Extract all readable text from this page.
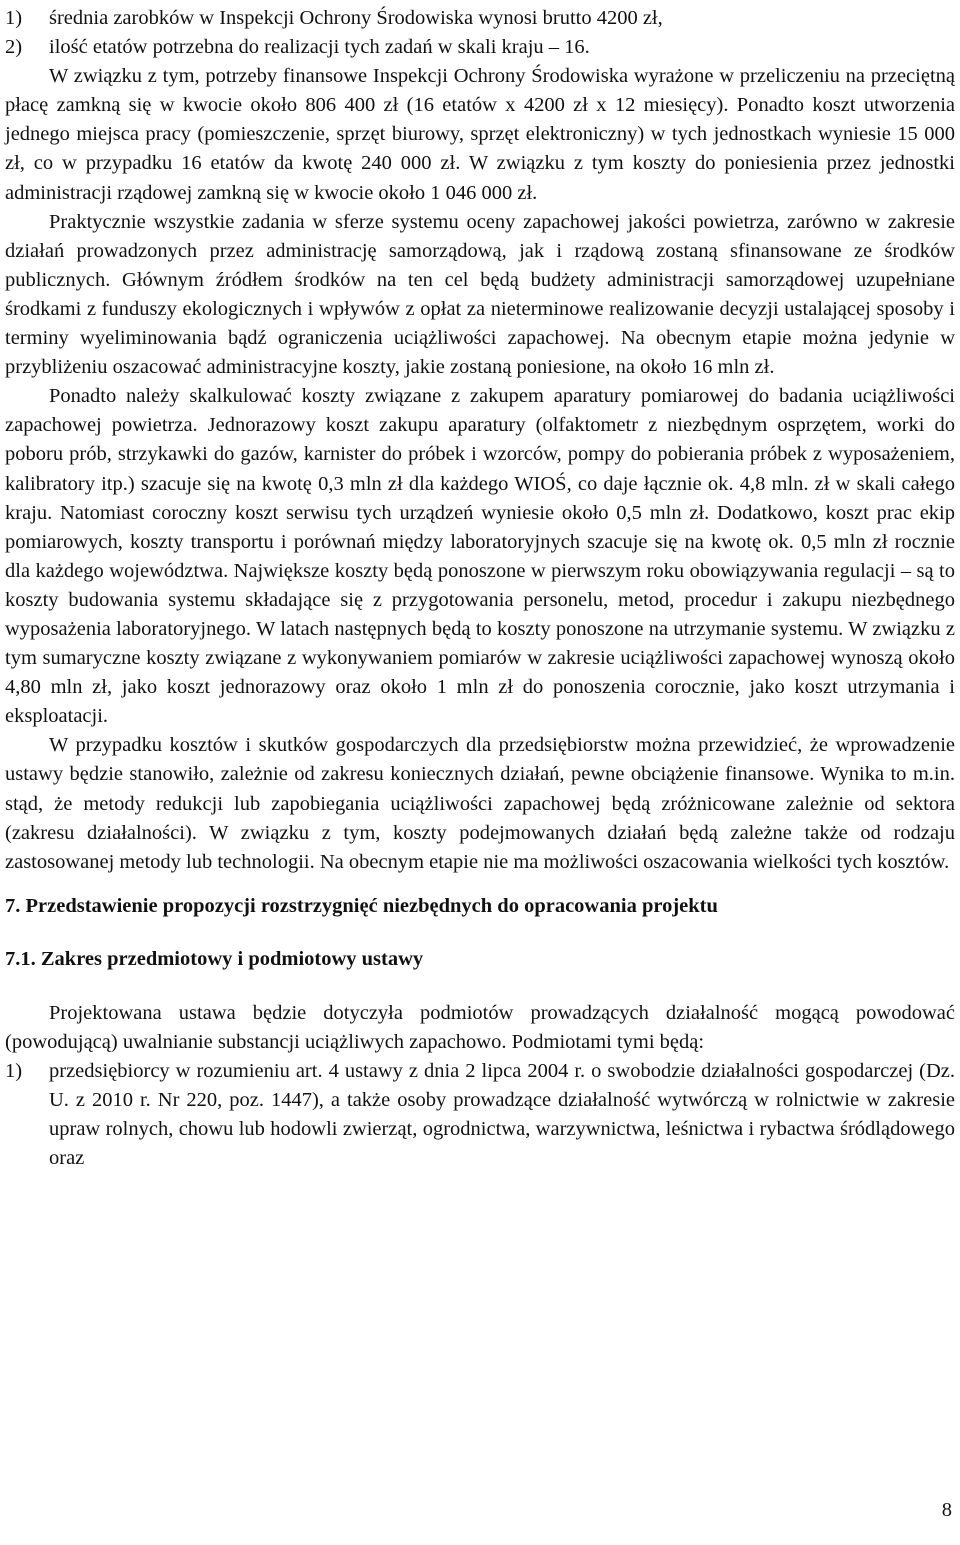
1)	średnia zarobków w Inspekcji Ochrony Środowiska wynosi brutto 4200 zł,
2)	ilość etatów potrzebna do realizacji tych zadań w skali kraju – 16.

W związku z tym, potrzeby finansowe Inspekcji Ochrony Środowiska wyrażone w przeliczeniu na przeciętną płacę zamkną się w kwocie około 806 400 zł (16 etatów x 4200 zł x 12 miesięcy). Ponadto koszt utworzenia jednego miejsca pracy (pomieszczenie, sprzęt biurowy, sprzęt elektroniczny) w tych jednostkach wyniesie 15 000 zł, co w przypadku 16 etatów da kwotę 240 000 zł. W związku z tym koszty do poniesienia przez jednostki administracji rządowej zamkną się w kwocie około 1 046 000 zł.

Praktycznie wszystkie zadania w sferze systemu oceny zapachowej jakości powietrza, zarówno w zakresie działań prowadzonych przez administrację samorządową, jak i rządową zostaną sfinansowane ze środków publicznych. Głównym źródłem środków na ten cel będą budżety administracji samorządowej uzupełniane środkami z funduszy ekologicznych i wpływów z opłat za nieterminowe realizowanie decyzji ustalającej sposoby i terminy wyeliminowania bądź ograniczenia uciążliwości zapachowej. Na obecnym etapie można jedynie w przybliżeniu oszacować administracyjne koszty, jakie zostaną poniesione, na około 16 mln zł.

Ponadto należy skalkulować koszty związane z zakupem aparatury pomiarowej do badania uciążliwości zapachowej powietrza. Jednorazowy koszt zakupu aparatury (olfaktometr z niezbędnym osprzętem, worki do poboru prób, strzykawki do gazów, karnister do próbek i wzorców, pompy do pobierania próbek z wyposażeniem, kalibratory itp.) szacuje się na kwotę 0,3 mln zł dla każdego WIOŚ, co daje łącznie ok. 4,8 mln. zł w skali całego kraju. Natomiast coroczny koszt serwisu tych urządzeń wyniesie około 0,5 mln zł. Dodatkowo, koszt prac ekip pomiarowych, koszty transportu i porównań między laboratoryjnych szacuje się na kwotę ok. 0,5 mln zł rocznie dla każdego województwa. Największe koszty będą ponoszone w pierwszym roku obowiązywania regulacji – są to koszty budowania systemu składające się z przygotowania personelu, metod, procedur i zakupu niezbędnego wyposażenia laboratoryjnego. W latach następnych będą to koszty ponoszone na utrzymanie systemu. W związku z tym sumaryczne koszty związane z wykonywaniem pomiarów w zakresie uciążliwości zapachowej wynoszą około 4,80 mln zł, jako koszt jednorazowy oraz około 1 mln zł do ponoszenia corocznie, jako koszt utrzymania i eksploatacji.

W przypadku kosztów i skutków gospodarczych dla przedsiębiorstw można przewidzieć, że wprowadzenie ustawy będzie stanowiło, zależnie od zakresu koniecznych działań, pewne obciążenie finansowe. Wynika to m.in. stąd, że metody redukcji lub zapobiegania uciążliwości zapachowej będą zróżnicowane zależnie od sektora (zakresu działalności). W związku z tym, koszty podejmowanych działań będą zależne także od rodzaju zastosowanej metody lub technologii. Na obecnym etapie nie ma możliwości oszacowania wielkości tych kosztów.

7. Przedstawienie propozycji rozstrzygnięć niezbędnych do opracowania projektu

7.1. Zakres przedmiotowy i podmiotowy ustawy

Projektowana ustawa będzie dotyczyła podmiotów prowadzących działalność mogącą powodować (powodującą) uwalnianie substancji uciążliwych zapachowo. Podmiotami tymi będą:

1)	przedsiębiorcy w rozumieniu art. 4 ustawy z dnia 2 lipca 2004 r. o swobodzie działalności gospodarczej (Dz. U. z 2010 r. Nr 220, poz. 1447), a także osoby prowadzące działalność wytwórczą w rolnictwie w zakresie upraw rolnych, chowu lub hodowli zwierząt, ogrodnictwa, warzywnictwa, leśnictwa i rybactwa śródlądowego oraz
8
